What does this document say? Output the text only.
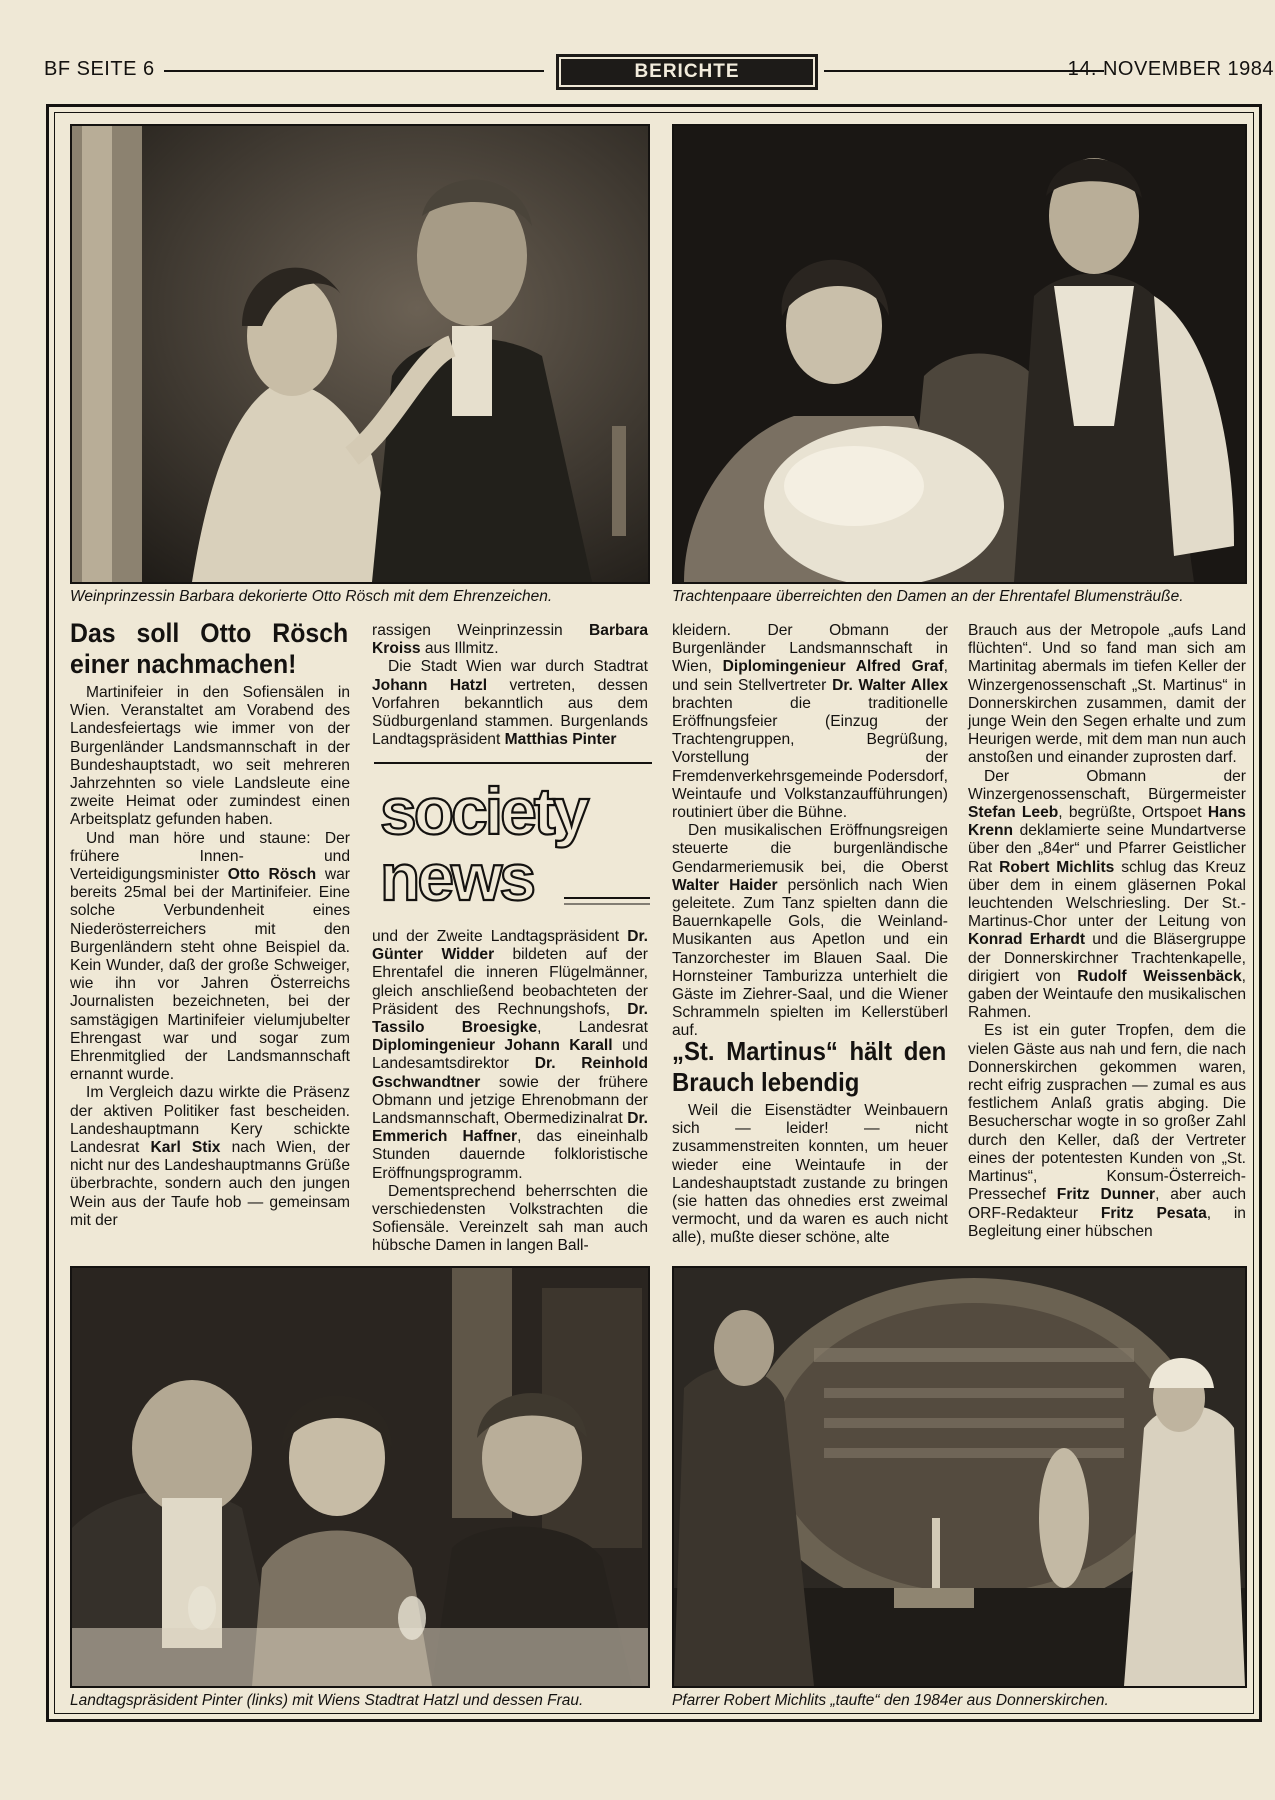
BF SEITE 6	BERICHTE	14. NOVEMBER 1984
Weinprinzessin Barbara dekorierte Otto Rösch mit dem Ehrenzeichen.	Trachtenpaare überreichten den Damen an der Ehrentafel Blumensträuße.
Das soll Otto Rösch einer nachmachen!

Martinifeier in den Sofiensälen in Wien. Veranstaltet am Vorabend des Landesfeiertags wie immer von der Burgenländer Landsmannschaft in der Bundeshauptstadt, wo seit mehreren Jahrzehnten so viele Landsleute eine zweite Heimat oder zumindest einen Arbeitsplatz gefunden haben.

Und man höre und staune: Der frühere Innen- und Verteidigungsminister Otto Rösch war bereits 25mal bei der Martinifeier. Eine solche Verbundenheit eines Niederösterreichers mit den Burgenländern steht ohne Beispiel da. Kein Wunder, daß der große Schweiger, wie ihn vor Jahren Österreichs Journalisten bezeichneten, bei der samstägigen Martinifeier vielumjubelter Ehrengast war und sogar zum Ehrenmitglied der Landsmannschaft ernannt wurde.

Im Vergleich dazu wirkte die Präsenz der aktiven Politiker fast bescheiden. Landeshauptmann Kery schickte Landesrat Karl Stix nach Wien, der nicht nur des Landeshauptmanns Grüße überbrachte, sondern auch den jungen Wein aus der Taufe hob — gemeinsam mit der

rassigen Weinprinzessin Barbara Kroiss aus Illmitz.

Die Stadt Wien war durch Stadtrat Johann Hatzl vertreten, dessen Vorfahren bekanntlich aus dem Südburgenland stammen. Burgenlands Landtagspräsident Matthias Pinter

society
news

und der Zweite Landtagspräsident Dr. Günter Widder bildeten auf der Ehrentafel die inneren Flügelmänner, gleich anschließend beobachteten der Präsident des Rechnungshofs, Dr. Tassilo Broesigke, Landesrat Diplomingenieur Johann Karall und Landesamtsdirektor Dr. Reinhold Gschwandtner sowie der frühere Obmann und jetzige Ehrenobmann der Landsmannschaft, Obermedizinalrat Dr. Emmerich Haffner, das eineinhalb Stunden dauernde folkloristische Eröffnungsprogramm.

Dementsprechend beherrschten die verschiedensten Volkstrachten die Sofiensäle. Vereinzelt sah man auch hübsche Damen in langen Ball-

kleidern. Der Obmann der Burgenländer Landsmannschaft in Wien, Diplomingenieur Alfred Graf, und sein Stellvertreter Dr. Walter Allex brachten die traditionelle Eröffnungsfeier (Einzug der Trachtengruppen, Begrüßung, Vorstellung der Fremdenverkehrsgemeinde Podersdorf, Weintaufe und Volkstanzaufführungen) routiniert über die Bühne.

Den musikalischen Eröffnungsreigen steuerte die burgenländische Gendarmeriemusik bei, die Oberst Walter Haider persönlich nach Wien geleitete. Zum Tanz spielten dann die Bauernkapelle Gols, die Weinland-Musikanten aus Apetlon und ein Tanzorchester im Blauen Saal. Die Hornsteiner Tamburizza unterhielt die Gäste im Ziehrer-Saal, und die Wiener Schrammeln spielten im Kellerstüberl auf.

„St. Martinus“ hält den Brauch lebendig

Weil die Eisenstädter Weinbauern sich — leider! — nicht zusammenstreiten konnten, um heuer wieder eine Weintaufe in der Landeshauptstadt zustande zu bringen (sie hatten das ohnedies erst zweimal vermocht, und da waren es auch nicht alle), mußte dieser schöne, alte

Brauch aus der Metropole „aufs Land flüchten“. Und so fand man sich am Martinitag abermals im tiefen Keller der Winzergenossenschaft „St. Martinus“ in Donnerskirchen zusammen, damit der junge Wein den Segen erhalte und zum Heurigen werde, mit dem man nun auch anstoßen und einander zuprosten darf.

Der Obmann der Winzergenossenschaft, Bürgermeister Stefan Leeb, begrüßte, Ortspoet Hans Krenn deklamierte seine Mundartverse über den „84er“ und Pfarrer Geistlicher Rat Robert Michlits schlug das Kreuz über dem in einem gläsernen Pokal leuchtenden Welschriesling. Der St.-Martinus-Chor unter der Leitung von Konrad Erhardt und die Bläsergruppe der Donnerskirchner Trachtenkapelle, dirigiert von Rudolf Weissenbäck, gaben der Weintaufe den musikalischen Rahmen.

Es ist ein guter Tropfen, dem die vielen Gäste aus nah und fern, die nach Donnerskirchen gekommen waren, recht eifrig zusprachen — zumal es aus festlichem Anlaß gratis abging. Die Besucherschar wogte in so großer Zahl durch den Keller, daß der Vertreter eines der potentesten Kunden von „St. Martinus“, Konsum-Österreich-Pressechef Fritz Dunner, aber auch ORF-Redakteur Fritz Pesata, in Begleitung einer hübschen

Landtagspräsident Pinter (links) mit Wiens Stadtrat Hatzl und dessen Frau.	Pfarrer Robert Michlits „taufte“ den 1984er aus Donnerskirchen.
